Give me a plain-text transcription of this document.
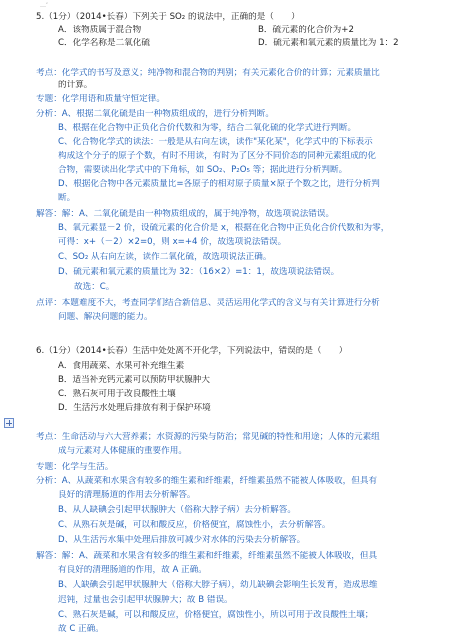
…’
5.（1分）（2014•长春）下列关于 SO₂ 的说法中，正确的是（　　）
A．该物质属于混合物	B．硫元素的化合价为+2
C．化学名称是二氧化硫	D．硫元素和氧元素的质量比为 1：2
考点：化学式的书写及意义；纯净物和混合物的判别；有关元素化合价的计算；元素质量比
的计算。
专题：化学用语和质量守恒定律。
分析：A、根据二氧化硫是由一种物质组成的，进行分析判断。
B、根据在化合物中正负化合价代数和为零，结合二氧化硫的化学式进行判断。
C、化合物化学式的读法：一般是从右向左读，读作"某化某"，化学式中的下标表示
构成这个分子的原子个数，有时不用读，有时为了区分不同价态的同种元素组成的化
合物，需要读出化学式中的下角标，如 SO₂、P₂O₅ 等；据此进行分析判断。
D、根据化合物中各元素质量比=各原子的相对原子质量×原子个数之比，进行分析判
断。
解答：解：A、二氧化硫是由一种物质组成的，属于纯净物，故选项说法错误。
B、氧元素显－2 价，设硫元素的化合价是 x，根据在化合物中正负化合价代数和为零，
可得：x+（－2）×2=0，则 x=+4 价，故选项说法错误。
C、SO₂ 从右向左读，读作二氧化硫，故选项说法正确。
D、硫元素和氧元素的质量比为 32：（16×2）=1：1，故选项说法错误。
故选：C。
点评：本题难度不大，考查同学们结合新信息、灵活运用化学式的含义与有关计算进行分析
问题、解决问题的能力。
6.（1分）（2014•长春）生活中处处离不开化学，下列说法中，错误的是（　　）
A．食用蔬菜、水果可补充维生素
B．适当补充钙元素可以预防甲状腺肿大
C．熟石灰可用于改良酸性土壤
D．生活污水处理后排放有利于保护环境
考点：生命活动与六大营养素；水资源的污染与防治；常见碱的特性和用途；人体的元素组
成与元素对人体健康的重要作用。
专题：化学与生活。
分析：A、从蔬菜和水果含有较多的维生素和纤维素，纤维素虽然不能被人体吸收，但具有
良好的清理肠道的作用去分析解答。
B、从人缺碘会引起甲状腺肿大（俗称大脖子病）去分析解答。
C、从熟石灰是碱，可以和酸反应，价格便宜，腐蚀性小，去分析解答。
D、从生活污水集中处理后排放可减少对水体的污染去分析解答。
解答：解：A、蔬菜和水果含有较多的维生素和纤维素，纤维素虽然不能被人体吸收，但具
有良好的清理肠道的作用，故 A 正确。
B、人缺碘会引起甲状腺肿大（俗称大脖子病），幼儿缺碘会影响生长发育，造成思维
迟钝，过量也会引起甲状腺肿大；故 B 错误。
C、熟石灰是碱，可以和酸反应，价格便宜，腐蚀性小，所以可用于改良酸性土壤；
故 C 正确。
